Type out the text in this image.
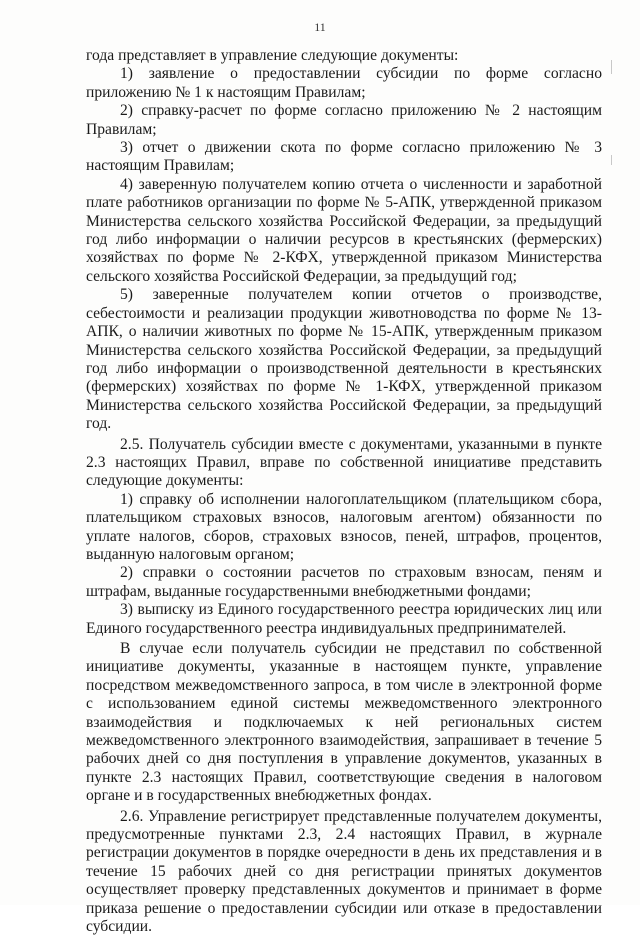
11

года представляет в управление следующие документы:

1) заявление о предоставлении субсидии по форме согласно приложению № 1 к настоящим Правилам;

2) справку-расчет по форме согласно приложению № 2 настоящим Правилам;

3) отчет о движении скота по форме согласно приложению № 3 настоящим Правилам;

4) заверенную получателем копию отчета о численности и заработной плате работников организации по форме № 5-АПК, утвержденной приказом Министерства сельского хозяйства Российской Федерации, за предыдущий год либо информации о наличии ресурсов в крестьянских (фермерских) хозяйствах по форме № 2-КФХ, утвержденной приказом Министерства сельского хозяйства Российской Федерации, за предыдущий год;

5) заверенные получателем копии отчетов о производстве, себестоимости и реализации продукции животноводства по форме № 13-АПК, о наличии животных по форме № 15-АПК, утвержденным приказом Министерства сельского хозяйства Российской Федерации, за предыдущий год либо информации о производственной деятельности в крестьянских (фермерских) хозяйствах по форме № 1-КФХ, утвержденной приказом Министерства сельского хозяйства Российской Федерации, за предыдущий год.

2.5. Получатель субсидии вместе с документами, указанными в пункте 2.3 настоящих Правил, вправе по собственной инициативе представить следующие документы:

1) справку об исполнении налогоплательщиком (плательщиком сбора, плательщиком страховых взносов, налоговым агентом) обязанности по уплате налогов, сборов, страховых взносов, пеней, штрафов, процентов, выданную налоговым органом;

2) справки о состоянии расчетов по страховым взносам, пеням и штрафам, выданные государственными внебюджетными фондами;

3) выписку из Единого государственного реестра юридических лиц или Единого государственного реестра индивидуальных предпринимателей.

В случае если получатель субсидии не представил по собственной инициативе документы, указанные в настоящем пункте, управление посредством межведомственного запроса, в том числе в электронной форме с использованием единой системы межведомственного электронного взаимодействия и подключаемых к ней региональных систем межведомственного электронного взаимодействия, запрашивает в течение 5 рабочих дней со дня поступления в управление документов, указанных в пункте 2.3 настоящих Правил, соответствующие сведения в налоговом органе и в государственных внебюджетных фондах.

2.6. Управление регистрирует представленные получателем документы, предусмотренные пунктами 2.3, 2.4 настоящих Правил, в журнале регистрации документов в порядке очередности в день их представления и в течение 15 рабочих дней со дня регистрации принятых документов осуществляет проверку представленных документов и принимает в форме приказа решение о предоставлении субсидии или отказе в предоставлении субсидии.
